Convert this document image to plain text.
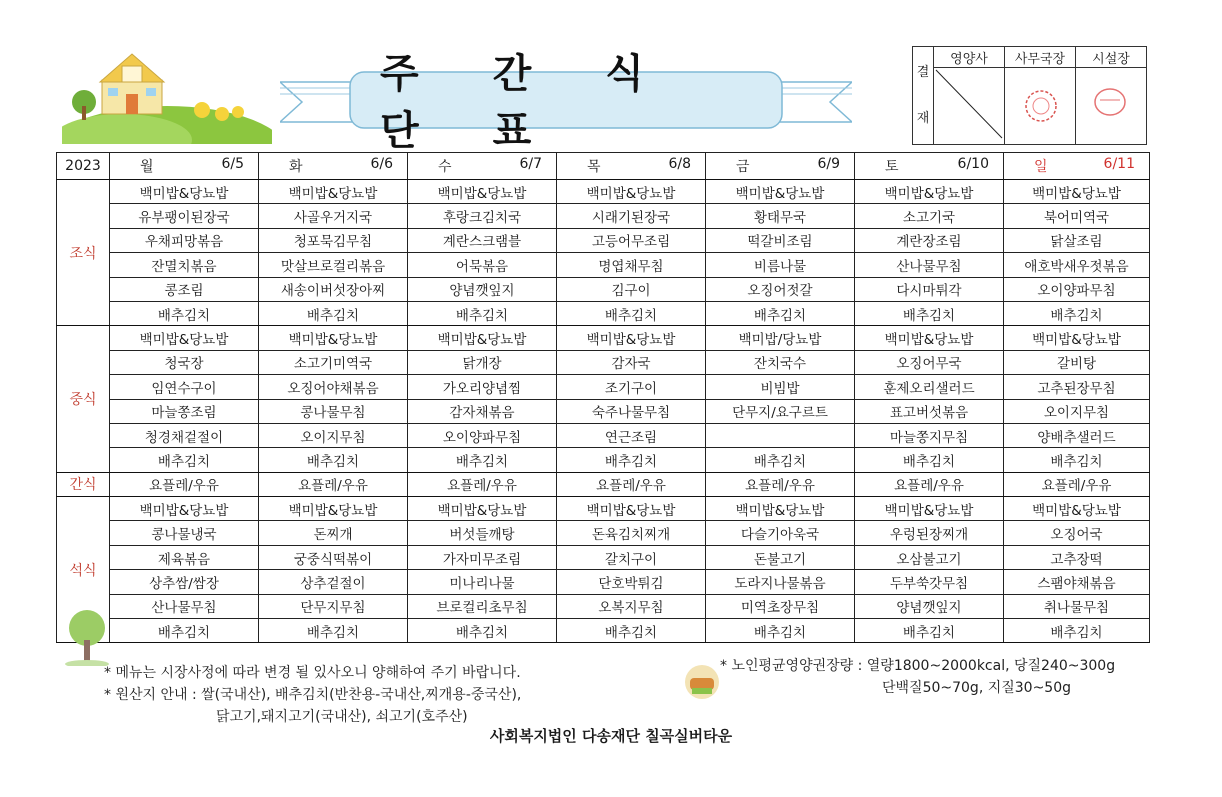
주 간 식 단 표
결
재	영양사	사무국장	시설장

2023	월 6/5	화 6/6	수 6/7	목 6/8	금 6/9	토 6/10	일 6/11

조식	백미밥&당뇨밥	백미밥&당뇨밥	백미밥&당뇨밥	백미밥&당뇨밥	백미밥&당뇨밥	백미밥&당뇨밥	백미밥&당뇨밥
	유부팽이된장국	사골우거지국	후랑크김치국	시래기된장국	황태무국	소고기국	북어미역국
	우채피망볶음	청포묵김무침	계란스크램블	고등어무조림	떡갈비조림	계란장조림	닭살조림
	잔멸치볶음	맛살브로컬리볶음	어묵볶음	명엽채무침	비름나물	산나물무침	애호박새우젓볶음
	콩조림	새송이버섯장아찌	양념깻잎지	김구이	오징어젓갈	다시마튀각	오이양파무침
	배추김치	배추김치	배추김치	배추김치	배추김치	배추김치	배추김치
중식	백미밥&당뇨밥	백미밥&당뇨밥	백미밥&당뇨밥	백미밥&당뇨밥	백미밥/당뇨밥	백미밥&당뇨밥	백미밥&당뇨밥
	청국장	소고기미역국	닭개장	감자국	잔치국수	오징어무국	갈비탕
	임연수구이	오징어야채볶음	가오리양념찜	조기구이	비빔밥	훈제오리샐러드	고추된장무침
	마늘쫑조림	콩나물무침	감자채볶음	숙주나물무침	단무지/요구르트	표고버섯볶음	오이지무침
	청경채겉절이	오이지무침	오이양파무침	연근조림		마늘쫑지무침	양배추샐러드
	배추김치	배추김치	배추김치	배추김치	배추김치	배추김치	배추김치
간식	요플레/우유	요플레/우유	요플레/우유	요플레/우유	요플레/우유	요플레/우유	요플레/우유
석식	백미밥&당뇨밥	백미밥&당뇨밥	백미밥&당뇨밥	백미밥&당뇨밥	백미밥&당뇨밥	백미밥&당뇨밥	백미밥&당뇨밥
	콩나물냉국	돈찌개	버섯들깨탕	돈육김치찌개	다슬기아욱국	우렁된장찌개	오징어국
	제육볶음	궁중식떡볶이	가자미무조림	갈치구이	돈불고기	오삼불고기	고추장떡
	상추쌈/쌈장	상추겉절이	미나리나물	단호박튀김	도라지나물볶음	두부쑥갓무침	스팸야채볶음
	산나물무침	단무지무침	브로컬리초무침	오복지무침	미역초장무침	양념깻잎지	취나물무침
	배추김치	배추김치	배추김치	배추김치	배추김치	배추김치	배추김치
* 메뉴는 시장사정에 따라 변경 될 있사오니 양해하여 주기 바랍니다.
* 원산지 안내 : 쌀(국내산), 배추김치(반찬용-국내산,찌개용-중국산),
닭고기,돼지고기(국내산), 쇠고기(호주산)
* 노인평균영양권장량 : 열량1800~2000kcal, 당질240~300g
단백질50~70g, 지질30~50g
사회복지법인 다송재단 칠곡실버타운
